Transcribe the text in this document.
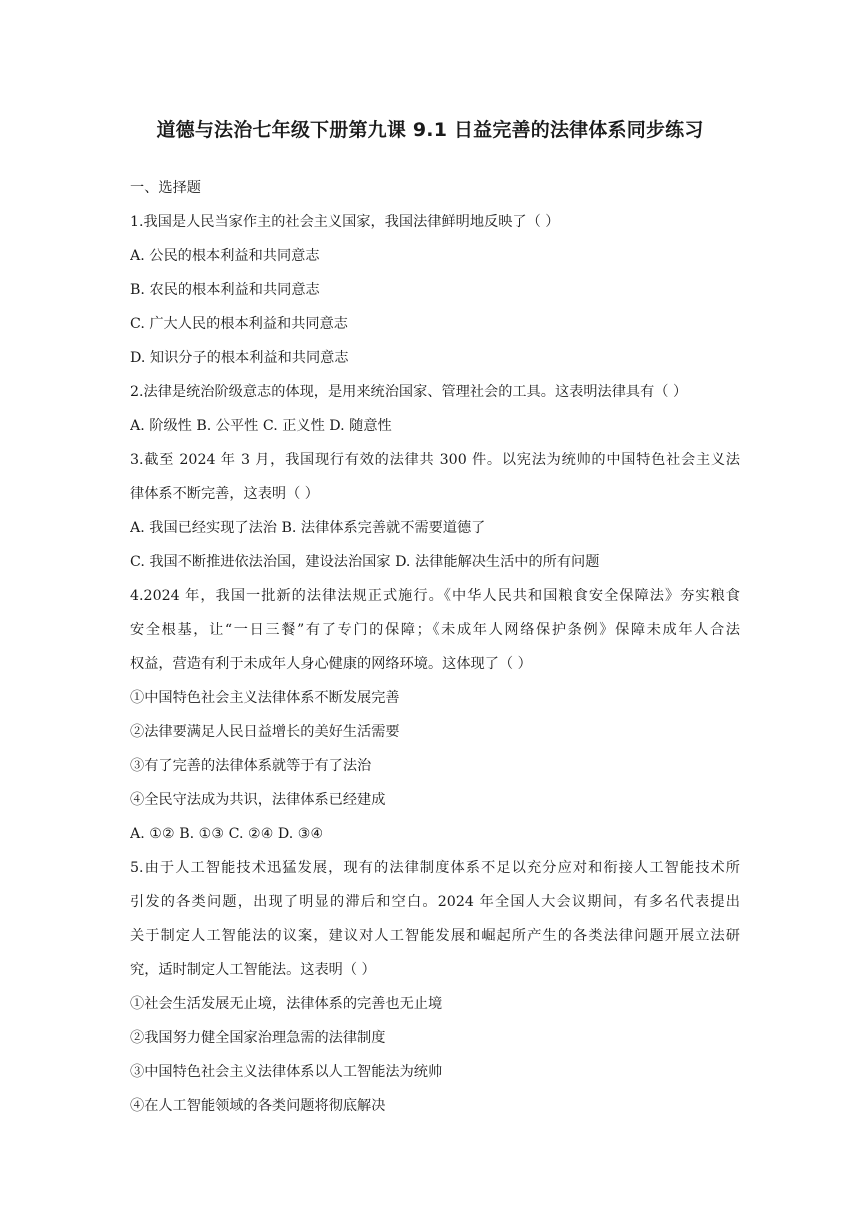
道德与法治七年级下册第九课 9.1 日益完善的法律体系同步练习
一、选择题
1.我国是人民当家作主的社会主义国家，我国法律鲜明地反映了（ ）
A. 公民的根本利益和共同意志
B. 农民的根本利益和共同意志
C. 广大人民的根本利益和共同意志
D. 知识分子的根本利益和共同意志
2.法律是统治阶级意志的体现，是用来统治国家、管理社会的工具。这表明法律具有（ ）
A. 阶级性 B. 公平性 C. 正义性 D. 随意性
3.截至 2024 年 3 月，我国现行有效的法律共 300 件。以宪法为统帅的中国特色社会主义法
律体系不断完善，这表明（ ）
A. 我国已经实现了法治 B. 法律体系完善就不需要道德了
C. 我国不断推进依法治国，建设法治国家 D. 法律能解决生活中的所有问题
4.2024 年，我国一批新的法律法规正式施行。《中华人民共和国粮食安全保障法》夯实粮食
安全根基，让“一日三餐”有了专门的保障；《未成年人网络保护条例》保障未成年人合法
权益，营造有利于未成年人身心健康的网络环境。这体现了（ ）
①中国特色社会主义法律体系不断发展完善
②法律要满足人民日益增长的美好生活需要
③有了完善的法律体系就等于有了法治
④全民守法成为共识，法律体系已经建成
A. ①② B. ①③ C. ②④ D. ③④
5.由于人工智能技术迅猛发展，现有的法律制度体系不足以充分应对和衔接人工智能技术所
引发的各类问题，出现了明显的滞后和空白。2024 年全国人大会议期间，有多名代表提出
关于制定人工智能法的议案，建议对人工智能发展和崛起所产生的各类法律问题开展立法研
究，适时制定人工智能法。这表明（ ）
①社会生活发展无止境，法律体系的完善也无止境
②我国努力健全国家治理急需的法律制度
③中国特色社会主义法律体系以人工智能法为统帅
④在人工智能领域的各类问题将彻底解决
